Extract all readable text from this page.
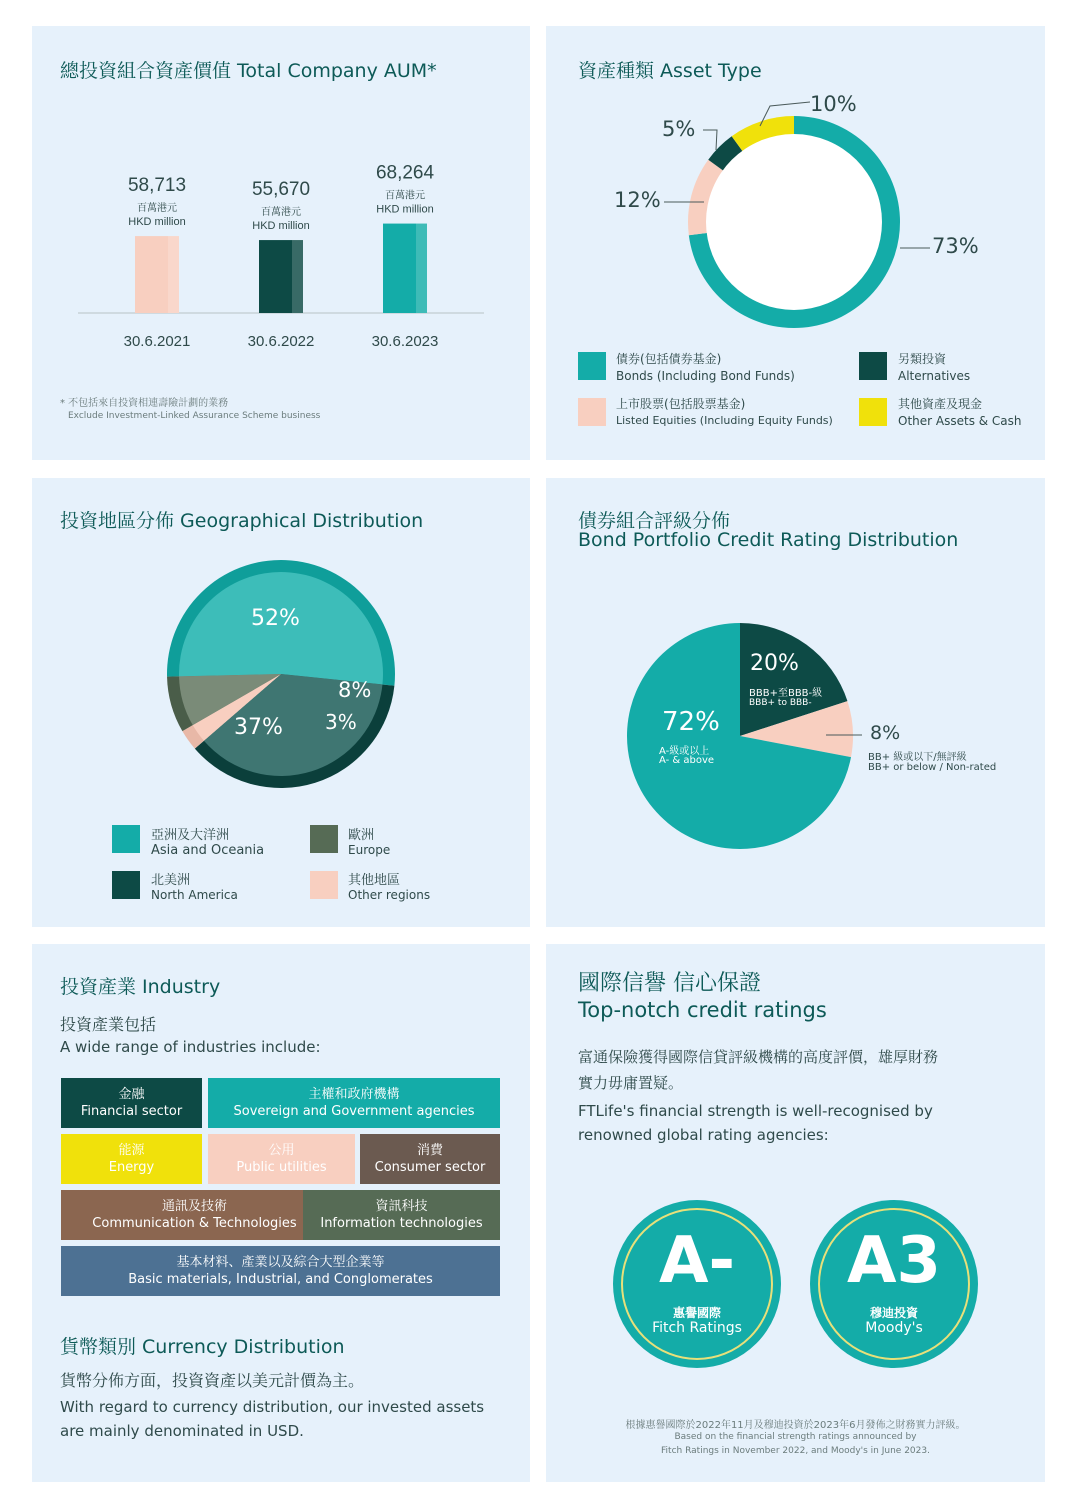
總投資組合資產價值 Total Company AUM*
58,713
百萬港元
HKD million
30.6.2021
55,670
百萬港元
HKD million
30.6.2022
68,264
百萬港元
HKD million
30.6.2023
* 不包括來自投資相連壽險計劃的業務
Exclude Investment-Linked Assurance Scheme business
資產種類 Asset Type
10%
5%
12%
73%
債券(包括債券基金)
Bonds (Including Bond Funds)
另類投資
Alternatives
上市股票(包括股票基金)
Listed Equities (Including Equity Funds)
其他資產及現金
Other Assets & Cash
投資地區分佈 Geographical Distribution
52%
37%
8%
3%
亞洲及大洋洲
Asia and Oceania
歐洲
Europe
北美洲
North America
其他地區
Other regions
債券組合評級分佈
Bond Portfolio Credit Rating Distribution
20%
BBB+至BBB-級
BBB+ to BBB-
72%
A-級或以上
A- & above
8%
BB+ 級或以下/無評級
BB+ or below / Non-rated
投資產業 Industry
投資產業包括
A wide range of industries include:
金融
Financial sector
主權和政府機構
Sovereign and Government agencies
能源
Energy
公用
Public utilities
消費
Consumer sector
通訊及技術
Communication & Technologies
資訊科技
Information technologies
基本材料、產業以及綜合大型企業等
Basic materials, Industrial, and Conglomerates
貨幣類別 Currency Distribution
貨幣分佈方面，投資資產以美元計價為主。
With regard to currency distribution, our invested assets
are mainly denominated in USD.
國際信譽 信心保證
Top-notch credit ratings
富通保險獲得國際信貸評級機構的高度評價，雄厚財務
實力毋庸置疑。
FTLife's financial strength is well-recognised by
renowned global rating agencies:
A-
惠譽國際
Fitch Ratings
A3
穆迪投資
Moody's
根據惠譽國際於2022年11月及穆迪投資於2023年6月發佈之財務實力評級。
Based on the financial strength ratings announced by
Fitch Ratings in November 2022, and Moody's in June 2023.
